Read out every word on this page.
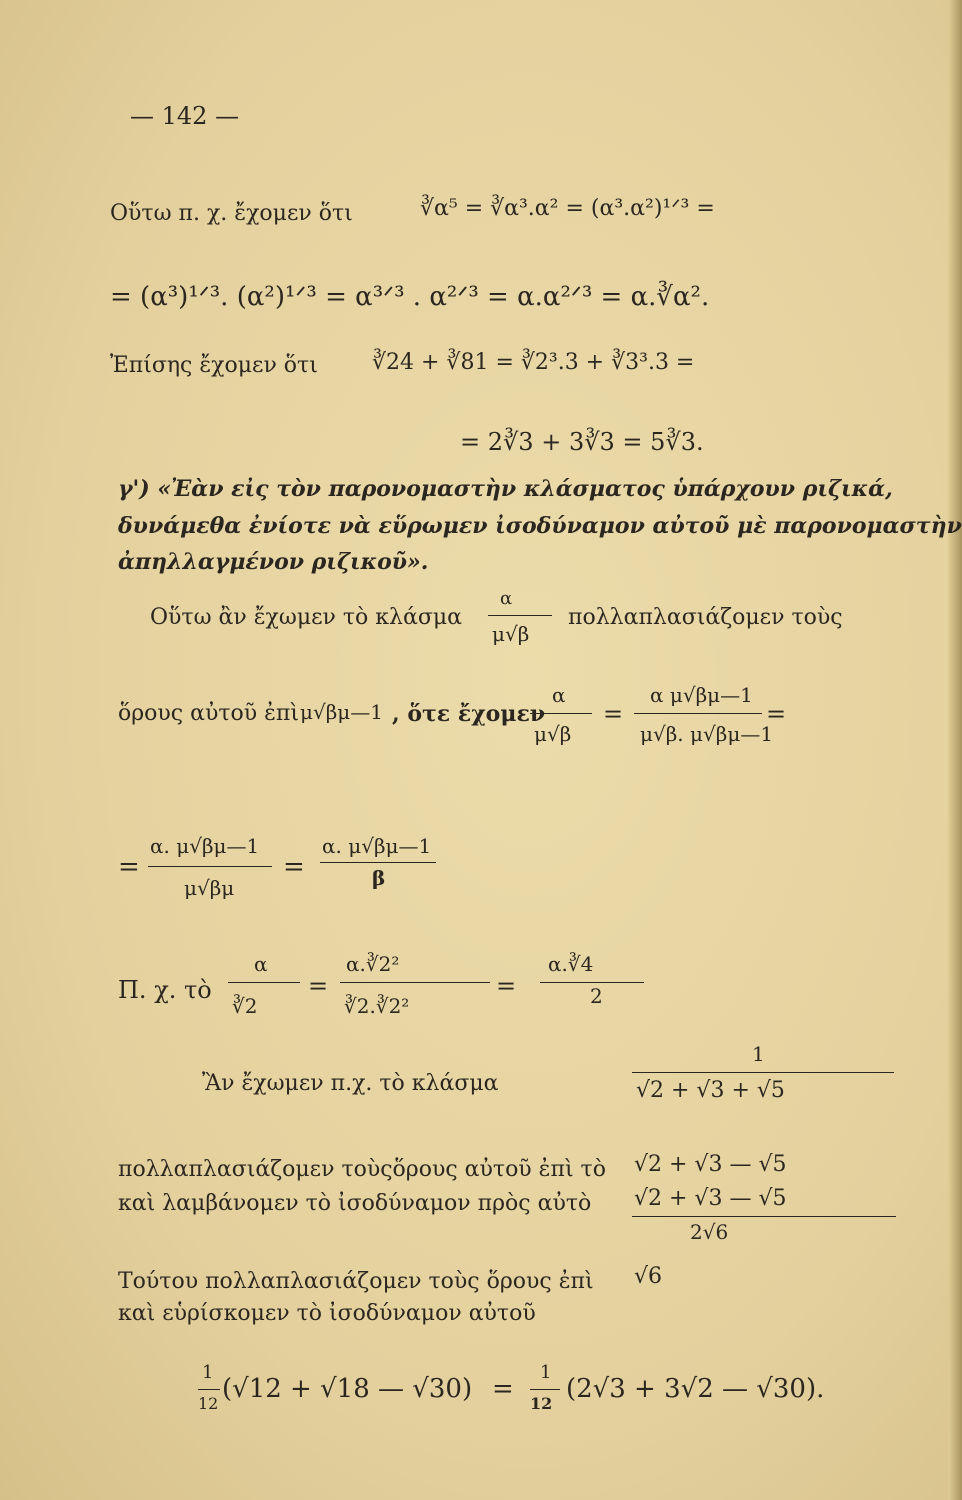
— 142 —
Οὕτω π. χ. ἔχομεν ὅτι	∛α⁵ = ∛α³.α² = (α³.α²)¹ᐟ³ =
= (α³)¹ᐟ³. (α²)¹ᐟ³ = α³ᐟ³ . α²ᐟ³ = α.α²ᐟ³ = α.∛α².
Ἐπίσης ἔχομεν ὅτι ∛24 + ∛81 = ∛2³.3 + ∛3³.3 =
= 2∛3 + 3∛3 = 5∛3.
γ') «Ἐὰν εἰς τὸν παρονομαστὴν κλάσματος ὑπάρχουν ριζικά,
δυνάμεθα ἐνίοτε νὰ εὕρωμεν ἰσοδύναμον αὐτοῦ μὲ παρονομαστὴν
ἀπηλλαγμένον ριζικοῦ».
Οὕτω ἂν ἔχωμεν τὸ κλάσμα
α
μ√β
πολλαπλασιάζομεν τοὺς
ὅρους αὐτοῦ ἐπὶ μ√βμ—1 , ὅτε ἔχομεν
α
μ√β
=
α μ√βμ—1
μ√β. μ√βμ—1
=
=
α. μ√βμ—1
μ√βμ
=
α. μ√βμ—1
β
Π. χ. τὸ
α
∛2
=
α.∛2²
∛2.∛2²
=
α.∛4
2
Ἂν ἔχωμεν π.χ. τὸ κλάσμα
1
√2 + √3 + √5
πολλαπλασιάζομεν τοὺςὅρους αὐτοῦ ἐπὶ τὸ √2 + √3 — √5
καὶ λαμβάνομεν τὸ ἰσοδύναμον πρὸς αὐτὸ √2 + √3 — √5
2√6
Τούτου πολλαπλασιάζομεν τοὺς ὅρους ἐπὶ √6
καὶ εὑρίσκομεν τὸ ἰσοδύναμον αὐτοῦ
1
12 (√12 + √18 — √30) =
1
12 (2√3 + 3√2 — √30).
